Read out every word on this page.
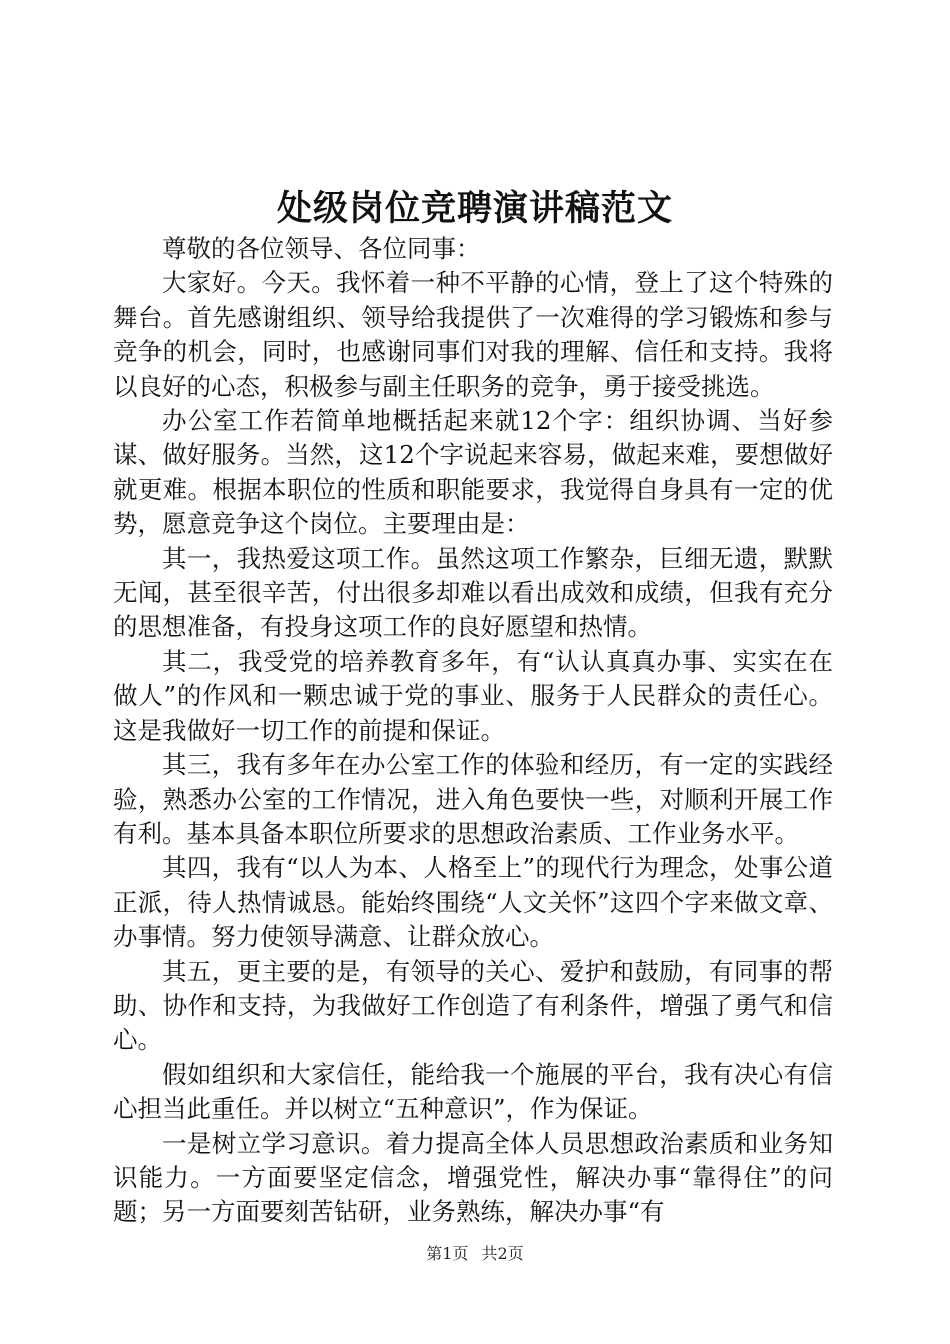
处级岗位竞聘演讲稿范文

尊敬的各位领导、各位同事：

大家好。今天。我怀着一种不平静的心情，登上了这个特殊的舞台。首先感谢组织、领导给我提供了一次难得的学习锻炼和参与竞争的机会，同时，也感谢同事们对我的理解、信任和支持。我将以良好的心态，积极参与副主任职务的竞争，勇于接受挑选。

办公室工作若简单地概括起来就12个字：组织协调、当好参谋、做好服务。当然，这12个字说起来容易，做起来难，要想做好就更难。根据本职位的性质和职能要求，我觉得自身具有一定的优势，愿意竞争这个岗位。主要理由是：

其一，我热爱这项工作。虽然这项工作繁杂，巨细无遗，默默无闻，甚至很辛苦，付出很多却难以看出成效和成绩，但我有充分的思想准备，有投身这项工作的良好愿望和热情。

其二，我受党的培养教育多年，有“认认真真办事、实实在在做人”的作风和一颗忠诚于党的事业、服务于人民群众的责任心。这是我做好一切工作的前提和保证。

其三，我有多年在办公室工作的体验和经历，有一定的实践经验，熟悉办公室的工作情况，进入角色要快一些，对顺利开展工作有利。基本具备本职位所要求的思想政治素质、工作业务水平。

其四，我有“以人为本、人格至上”的现代行为理念，处事公道正派，待人热情诚恳。能始终围绕“人文关怀”这四个字来做文章、办事情。努力使领导满意、让群众放心。

其五，更主要的是，有领导的关心、爱护和鼓励，有同事的帮助、协作和支持，为我做好工作创造了有利条件，增强了勇气和信心。

假如组织和大家信任，能给我一个施展的平台，我有决心有信心担当此重任。并以树立“五种意识”，作为保证。

一是树立学习意识。着力提高全体人员思想政治素质和业务知识能力。一方面要坚定信念，增强党性，解决办事“靠得住”的问题；另一方面要刻苦钻研，业务熟练，解决办事“有

第1页 共2页
